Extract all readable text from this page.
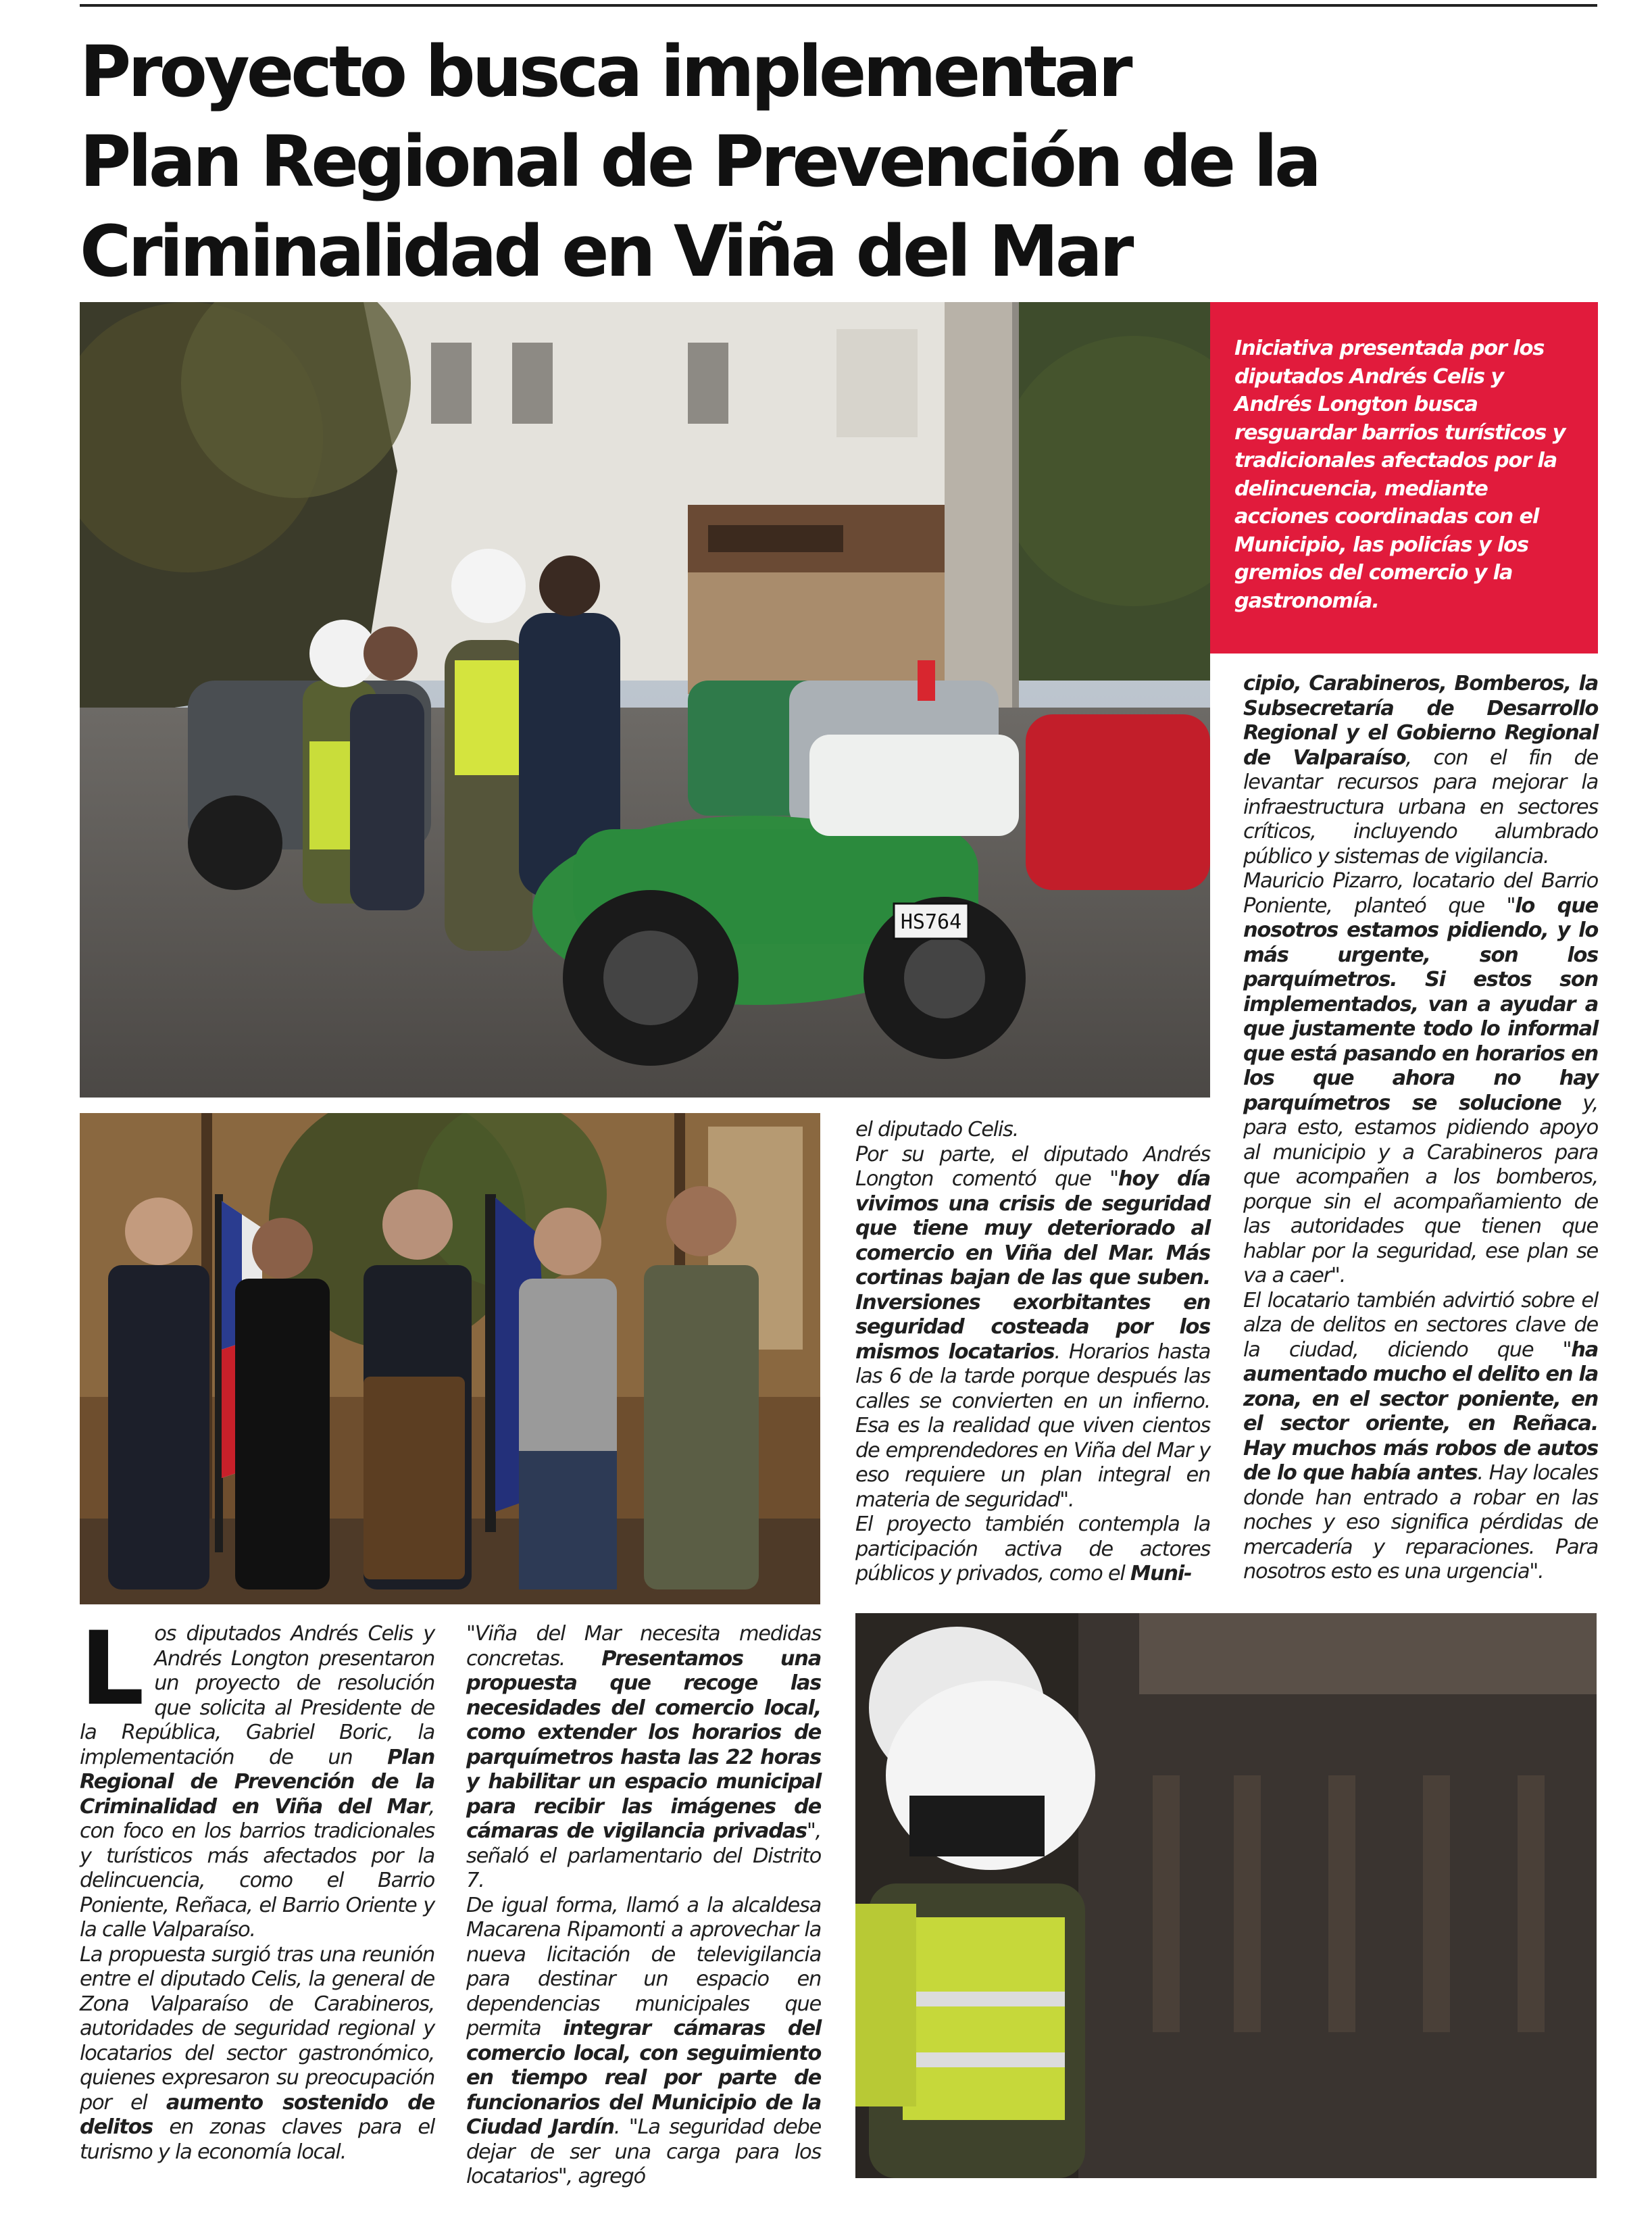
Proyecto busca implementar
Plan Regional de Prevención de la
Criminalidad en Viña del Mar
HS764

Iniciativa presentada por los diputados Andrés Celis y Andrés Longton busca resguardar barrios turísticos y tradicionales afectados por la delincuencia, mediante acciones coordinadas con el Municipio, las policías y los gremios del comercio y la gastronomía.

L os diputados Andrés Celis y Andrés Longton presentaron un proyecto de resolución que solicita al Presidente de la República, Gabriel Boric, la implementación de un Plan Regional de Prevención de la Criminalidad en Viña del Mar, con foco en los barrios tradicionales y turísticos más afectados por la delincuencia, como el Barrio Poniente, Reñaca, el Barrio Oriente y la calle Valparaíso.

La propuesta surgió tras una reunión entre el diputado Celis, la general de Zona Valparaíso de Carabineros, autoridades de seguridad regional y locatarios del sector gastronómico, quienes expresaron su preocupación por el aumento sostenido de delitos en zonas claves para el turismo y la economía local.

"Viña del Mar necesita medidas concretas. Presentamos una propuesta que recoge las necesidades del comercio local, como extender los horarios de parquímetros hasta las 22 horas y habilitar un espacio municipal para recibir las imágenes de cámaras de vigilancia privadas", señaló el parlamentario del Distrito 7.

De igual forma, llamó a la alcaldesa Macarena Ripamonti a aprovechar la nueva licitación de televigilancia para destinar un espacio en dependencias municipales que permita integrar cámaras del comercio local, con seguimiento en tiempo real por parte de funcionarios del Municipio de la Ciudad Jardín. "La seguridad debe dejar de ser una carga para los locatarios", agregó

el diputado Celis.

Por su parte, el diputado Andrés Longton comentó que "hoy día vivimos una crisis de seguridad que tiene muy deteriorado al comercio en Viña del Mar. Más cortinas bajan de las que suben. Inversiones exorbitantes en seguridad costeada por los mismos locatarios. Horarios hasta las 6 de la tarde porque después las calles se convierten en un infierno. Esa es la realidad que viven cientos de emprendedores en Viña del Mar y eso requiere un plan integral en materia de seguridad".

El proyecto también contempla la participación activa de actores públicos y privados, como el Muni-

cipio, Carabineros, Bomberos, la Subsecretaría de Desarrollo Regional y el Gobierno Regional de Valparaíso, con el fin de levantar recursos para mejorar la infraestructura urbana en sectores críticos, incluyendo alumbrado público y sistemas de vigilancia.

Mauricio Pizarro, locatario del Barrio Poniente, planteó que "lo que nosotros estamos pidiendo, y lo más urgente, son los parquímetros. Si estos son implementados, van a ayudar a que justamente todo lo informal que está pasando en horarios en los que ahora no hay parquímetros se solucione y, para esto, estamos pidiendo apoyo al municipio y a Carabineros para que acompañen a los bomberos, porque sin el acompañamiento de las autoridades que tienen que hablar por la seguridad, ese plan se va a caer".

El locatario también advirtió sobre el alza de delitos en sectores clave de la ciudad, diciendo que "ha aumentado mucho el delito en la zona, en el sector poniente, en el sector oriente, en Reñaca. Hay muchos más robos de autos de lo que había antes. Hay locales donde han entrado a robar en las noches y eso significa pérdidas de mercadería y reparaciones. Para nosotros esto es una urgencia".
